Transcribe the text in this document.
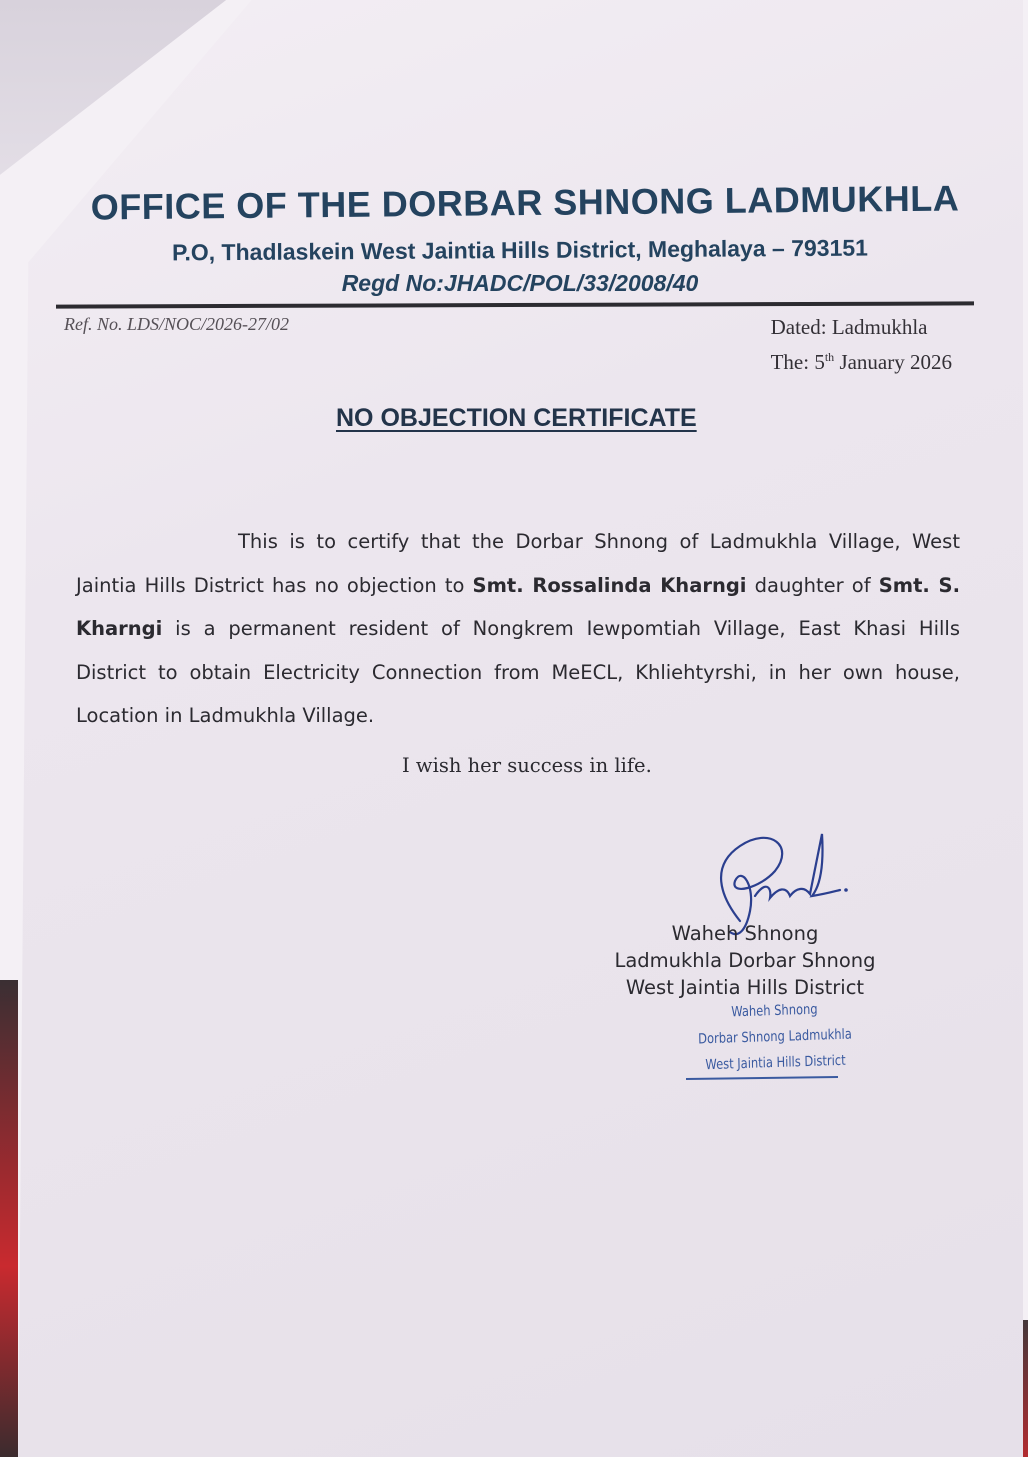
OFFICE OF THE DORBAR SHNONG LADMUKHLA
P.O, Thadlaskein West Jaintia Hills District, Meghalaya – 793151
Regd No:JHADC/POL/33/2008/40
Ref. No. LDS/NOC/2026-27/02	Dated: Ladmukhla
The: 5th January 2026
NO OBJECTION CERTIFICATE
This is to certify that the Dorbar Shnong of Ladmukhla Village, West Jaintia Hills District has no objection to Smt. Rossalinda Kharngi daughter of Smt. S. Kharngi is a permanent resident of Nongkrem Iewpomtiah Village, East Khasi Hills District to obtain Electricity Connection from MeECL, Khliehtyrshi, in her own house, Location in Ladmukhla Village.
I wish her success in life.
Waheh Shnong
Ladmukhla Dorbar Shnong
West Jaintia Hills District
Waheh Shnong
Dorbar Shnong Ladmukhla
West Jaintia Hills District
